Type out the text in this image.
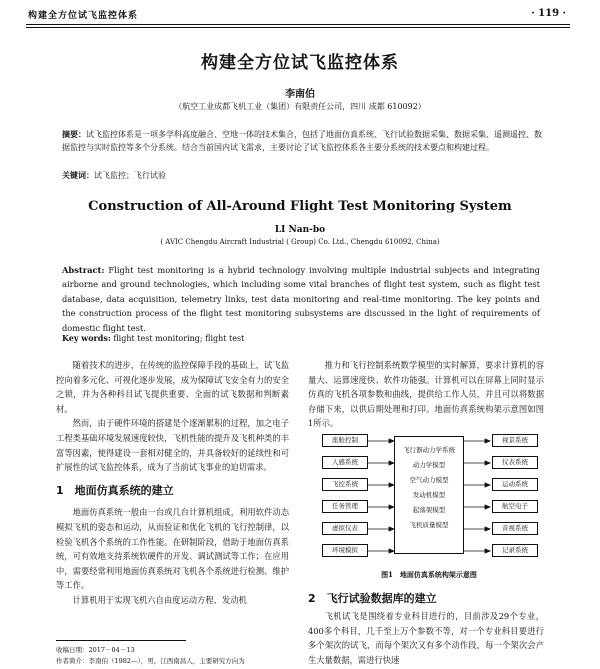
构建全方位试飞监控体系	· 119 ·
构建全方位试飞监控体系
李南伯
（航空工业成都飞机工业（集团）有限责任公司，四川 成都 610092）
摘要：试飞监控体系是一项多学科高度融合、空地一体的技术集合，包括了地面仿真系统、飞行试验数据采集、数据采集、遥测遥控、数据监控与实时监控等多个分系统。结合当前国内试飞需求，主要讨论了试飞监控体系各主要分系统的技术要点和构建过程。
关键词：试飞监控；飞行试验
Construction of All-Around Flight Test Monitoring System
LI Nan-bo
( AVIC Chengdu Aircraft Industrial ( Group) Co. Ltd., Chengdu 610092, China)
Abstract: Flight test monitoring is a hybrid technology involving multiple industrial subjects and integrating airborne and ground technologies, which including some vital branches of flight test system, such as flight test database, data acquisition, telemetry links, test data monitoring and real-time monitoring. The key points and the construction process of the flight test monitoring subsystems are discussed in the light of requirements of domestic flight test.
Key words: flight test monitoring; flight test

随着技术的进步，在传统的监控保障手段的基础上，试飞监控向着多元化、可视化逐步发展，成为保障试飞安全有力的安全之锁，并为各种科目试飞提供重要、全面的试飞数据和判断素材。

然而，由于硬件环境的搭建是个逐渐累积的过程，加之电子工程类基础环境发展速度较快，飞机性能的提升及飞机种类的丰富等因素，使得建设一套相对健全的，并具备较好的延续性和可扩展性的试飞监控体系，成为了当前试飞事业的迫切需求。

1　地面仿真系统的建立

地面仿真系统一般由一台或几台计算机组成，利用软件动态模拟飞机的姿态和运动，从而验证和优化飞机的飞行控制律，以检验飞机各个系统的工作性能。在研制阶段，借助于地面仿真系统，可有效地支持系统软硬件的开发、调试测试等工作；在应用中，需要经常利用地面仿真系统对飞机各个系统进行检测、维护等工作。

计算机用于实现飞机六自由度运动方程、发动机

收稿日期：2017－04－13
作者简介：李南伯（1982—），男，江西南昌人，主要研究方向为

推力和飞行控制系统数学模型的实时解算，要求计算机的容量大、运算速度快、软件功能强。计算机可以在屏幕上同时显示仿真的飞机各项参数和曲线，提供给工作人员，并且可以将数据存储下来，以供后期处理和打印。地面仿真系统构架示意图如图1所示。

座舱控制
人感系统
飞控系统
任务管理
虚拟仪表
环境模拟
飞行器动力学系统
动力学模型
空气动力模型
发动机模型
起落架模型
飞机质量模型
视景系统
仪表系统
运动系统
航空电子
音视系统
记录系统
图1　地面仿真系统构架示意图
2　飞行试验数据库的建立

飞机试飞是围绕着专业科目进行的，目前涉及29个专业，400多个科目，几千至上万个参数不等，对一个专业科目要进行多个架次的试飞，而每个架次又有多个动作段，每一个架次会产生大量数据，需进行快速
